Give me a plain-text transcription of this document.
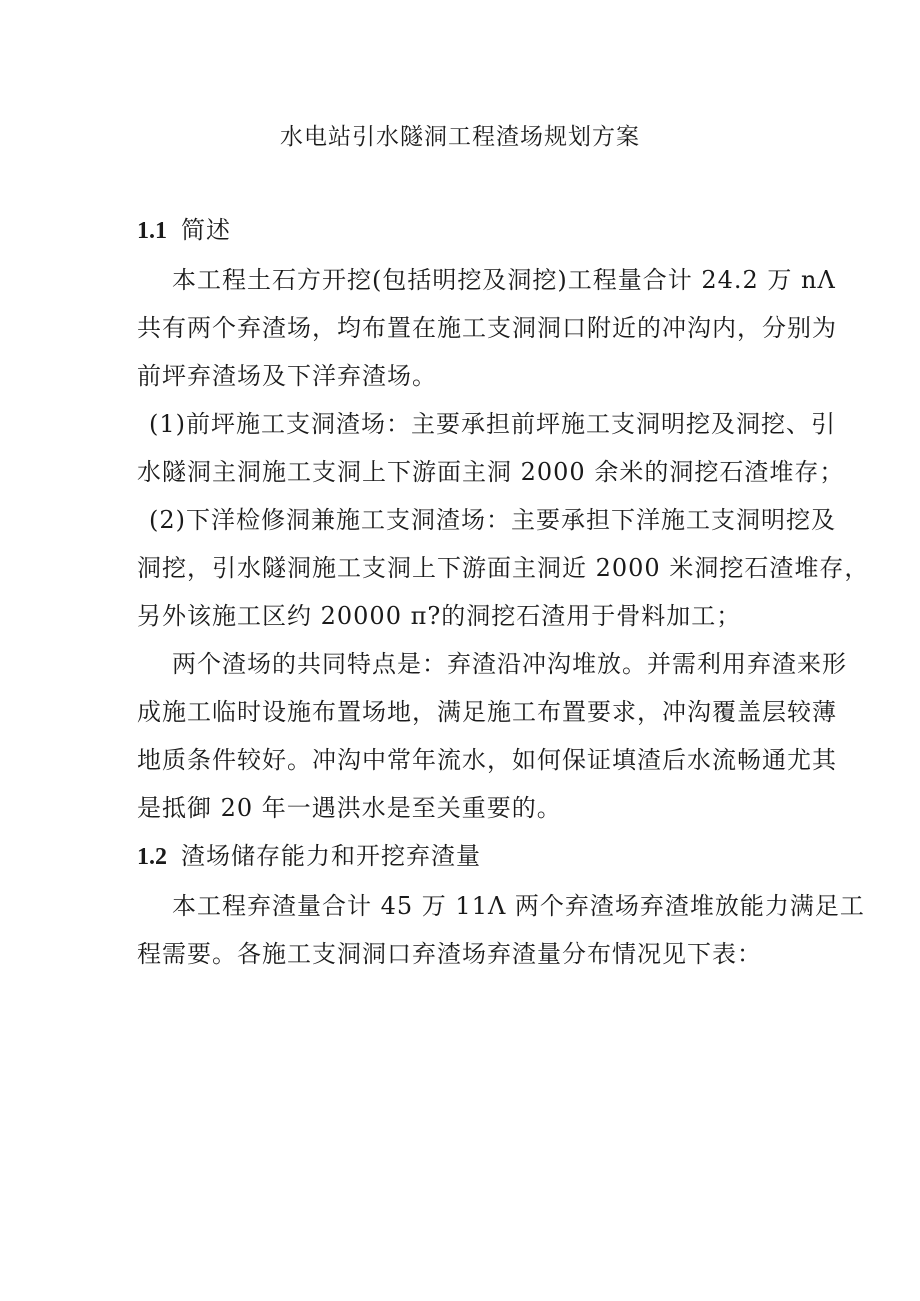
水电站引水隧洞工程渣场规划方案
1.1 简述
本工程土石方开挖(包括明挖及洞挖)工程量合计 24.2 万 nΛ
共有两个弃渣场，均布置在施工支洞洞口附近的冲沟内，分别为
前坪弃渣场及下洋弃渣场。
(1)前坪施工支洞渣场：主要承担前坪施工支洞明挖及洞挖、引
水隧洞主洞施工支洞上下游面主洞 2000 余米的洞挖石渣堆存；
(2)下洋检修洞兼施工支洞渣场：主要承担下洋施工支洞明挖及
洞挖，引水隧洞施工支洞上下游面主洞近 2000 米洞挖石渣堆存，
另外该施工区约 20000 π?的洞挖石渣用于骨料加工；
两个渣场的共同特点是：弃渣沿冲沟堆放。并需利用弃渣来形
成施工临时设施布置场地，满足施工布置要求，冲沟覆盖层较薄
地质条件较好。冲沟中常年流水，如何保证填渣后水流畅通尤其
是抵御 20 年一遇洪水是至关重要的。
1.2 渣场储存能力和开挖弃渣量
本工程弃渣量合计 45 万 11Λ 两个弃渣场弃渣堆放能力满足工
程需要。各施工支洞洞口弃渣场弃渣量分布情况见下表：
